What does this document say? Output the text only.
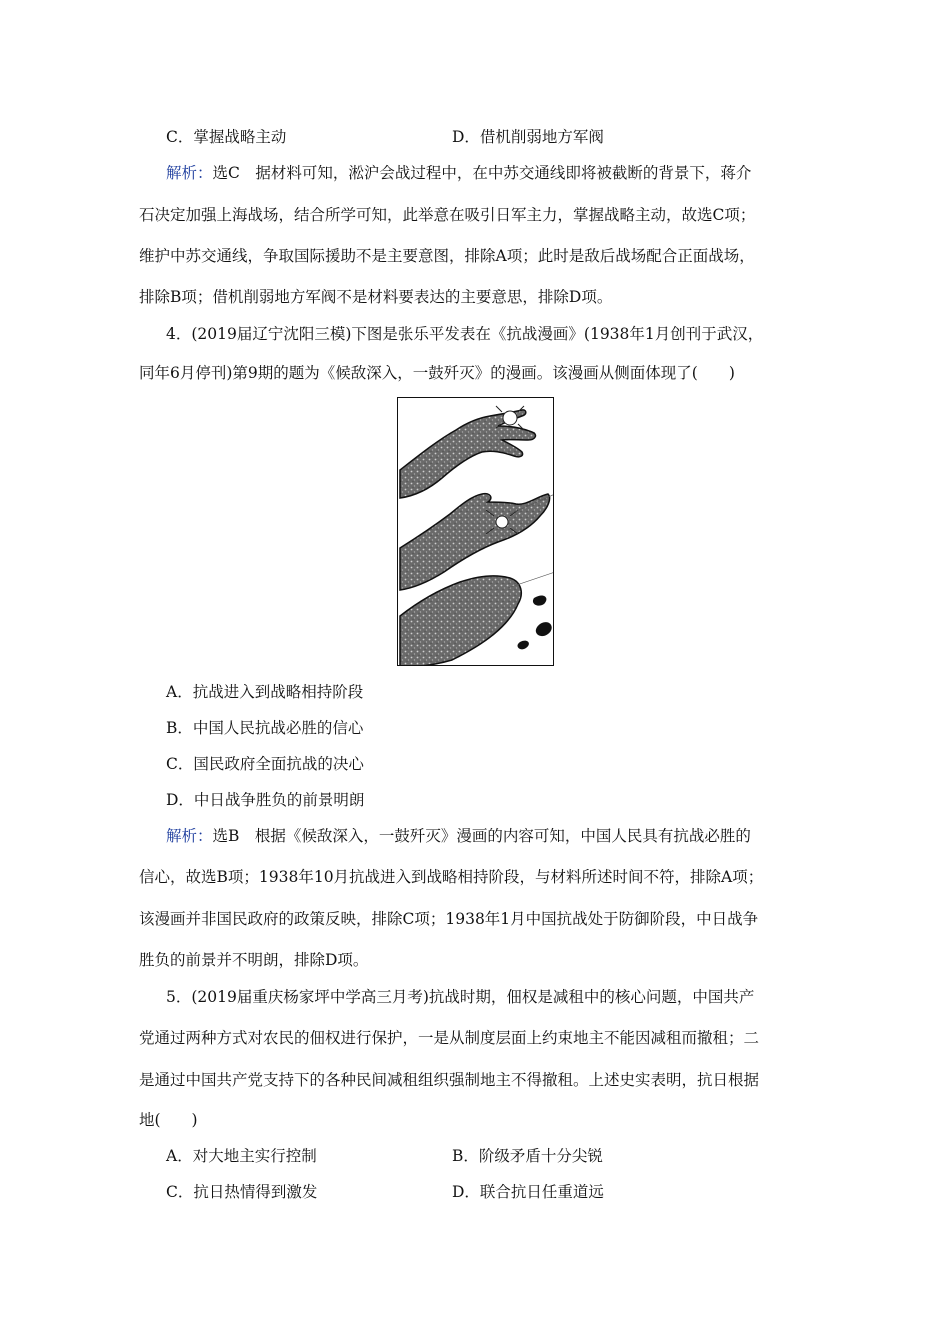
C．掌握战略主动	D．借机削弱地方军阀
解析：选C　据材料可知，淞沪会战过程中，在中苏交通线即将被截断的背景下，蒋介
石决定加强上海战场，结合所学可知，此举意在吸引日军主力，掌握战略主动，故选C项；
维护中苏交通线，争取国际援助不是主要意图，排除A项；此时是敌后战场配合正面战场，
排除B项；借机削弱地方军阀不是材料要表达的主要意思，排除D项。
4．(2019届辽宁沈阳三模)下图是张乐平发表在《抗战漫画》(1938年1月创刊于武汉，
同年6月停刊)第9期的题为《候敌深入，一鼓歼灭》的漫画。该漫画从侧面体现了(　　)
A．抗战进入到战略相持阶段
B．中国人民抗战必胜的信心
C．国民政府全面抗战的决心
D．中日战争胜负的前景明朗
解析：选B　根据《候敌深入，一鼓歼灭》漫画的内容可知，中国人民具有抗战必胜的
信心，故选B项；1938年10月抗战进入到战略相持阶段，与材料所述时间不符，排除A项；
该漫画并非国民政府的政策反映，排除C项；1938年1月中国抗战处于防御阶段，中日战争
胜负的前景并不明朗，排除D项。
5．(2019届重庆杨家坪中学高三月考)抗战时期，佃权是减租中的核心问题，中国共产
党通过两种方式对农民的佃权进行保护，一是从制度层面上约束地主不能因减租而撤租；二
是通过中国共产党支持下的各种民间减租组织强制地主不得撤租。上述史实表明，抗日根据
地(　　)
A．对大地主实行控制	B．阶级矛盾十分尖锐
C．抗日热情得到激发	D．联合抗日任重道远
